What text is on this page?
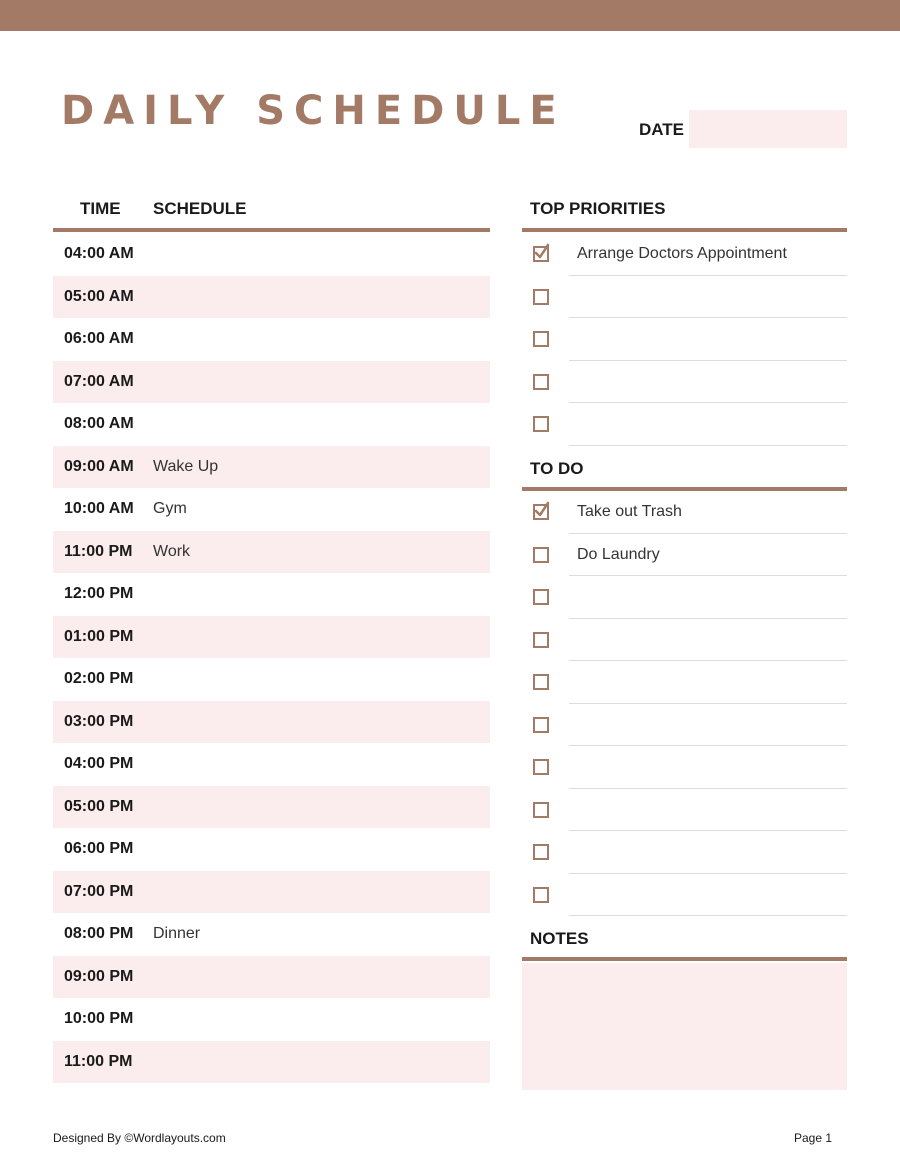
DAILY SCHEDULE	DATE
TIME SCHEDULE
04:00 AM
05:00 AM
06:00 AM
07:00 AM
08:00 AM
09:00 AM Wake Up
10:00 AM Gym
11:00 PM Work
12:00 PM
01:00 PM
02:00 PM
03:00 PM
04:00 PM
05:00 PM
06:00 PM
07:00 PM
08:00 PM Dinner
09:00 PM
10:00 PM
11:00 PM
TOP PRIORITIES
Arrange Doctors Appointment
TO DO
Take out Trash
Do Laundry
NOTES
Designed By ©Wordlayouts.com	Page 1
